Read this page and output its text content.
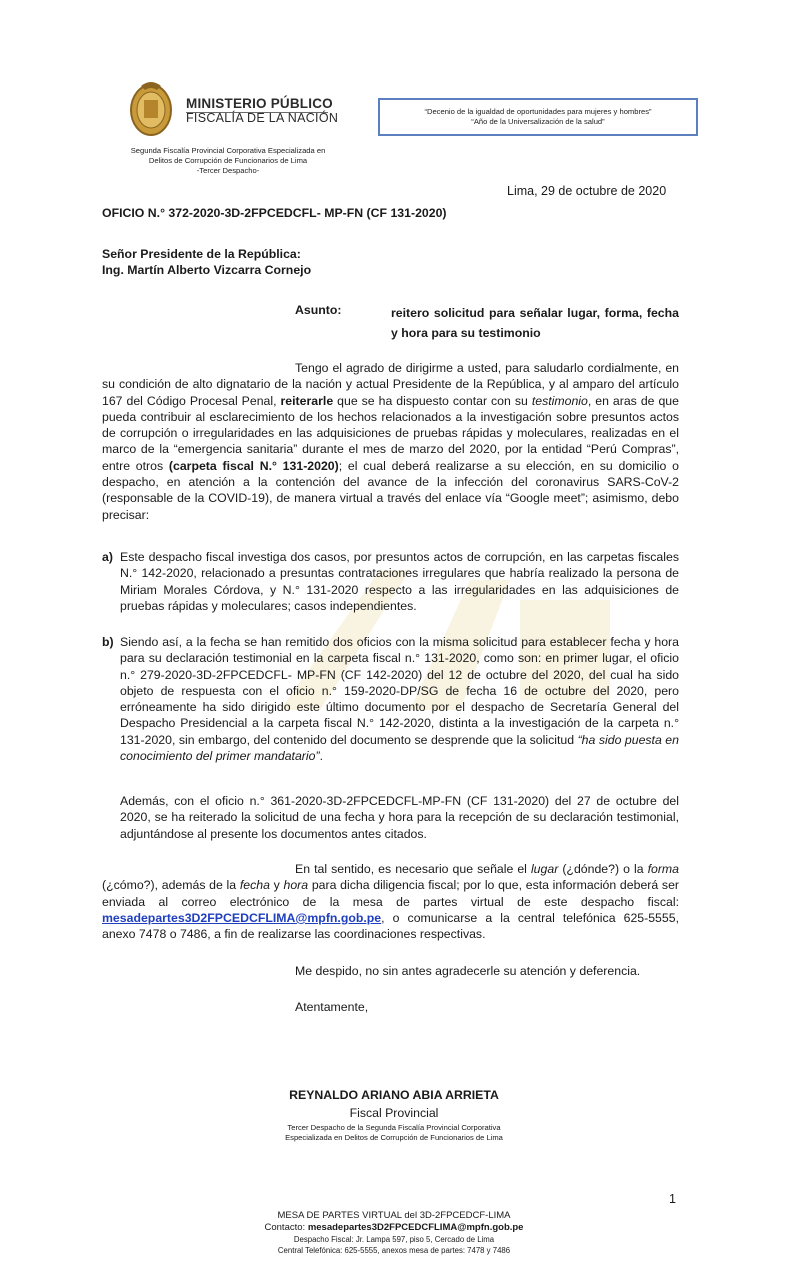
MINISTERIO PÚBLICO
FISCALÍA DE LA NACIÓN
Segunda Fiscalía Provincial Corporativa Especializada en
Delitos de Corrupción de Funcionarios de Lima
-Tercer Despacho-
“Decenio de la igualdad de oportunidades para mujeres y hombres”
“Año de la Universalización de la salud”
Lima, 29 de octubre de 2020
OFICIO N.° 372-2020-3D-2FPCEDCFL- MP-FN (CF 131-2020)
Señor Presidente de la República:
Ing. Martín Alberto Vizcarra Cornejo
Asunto:	reitero solicitud para señalar lugar, forma, fecha y hora para su testimonio
Tengo el agrado de dirigirme a usted, para saludarlo cordialmente, en su condición de alto dignatario de la nación y actual Presidente de la República, y al amparo del artículo 167 del Código Procesal Penal, reiterarle que se ha dispuesto contar con su testimonio, en aras de que pueda contribuir al esclarecimiento de los hechos relacionados a la investigación sobre presuntos actos de corrupción o irregularidades en las adquisiciones de pruebas rápidas y moleculares, realizadas en el marco de la “emergencia sanitaria” durante el mes de marzo del 2020, por la entidad “Perú Compras”, entre otros (carpeta fiscal N.° 131-2020); el cual deberá realizarse a su elección, en su domicilio o despacho, en atención a la contención del avance de la infección del coronavirus SARS-CoV-2 (responsable de la COVID-19), de manera virtual a través del enlace vía “Google meet”; asimismo, debo precisar:
a) Este despacho fiscal investiga dos casos, por presuntos actos de corrupción, en las carpetas fiscales N.° 142-2020, relacionado a presuntas contrataciones irregulares que habría realizado la persona de Miriam Morales Córdova, y N.° 131-2020 respecto a las irregularidades en las adquisiciones de pruebas rápidas y moleculares; casos independientes.
b) Siendo así, a la fecha se han remitido dos oficios con la misma solicitud para establecer fecha y hora para su declaración testimonial en la carpeta fiscal n.° 131-2020, como son: en primer lugar, el oficio n.° 279-2020-3D-2FPCEDCFL- MP-FN (CF 142-2020) del 12 de octubre del 2020, del cual ha sido objeto de respuesta con el oficio n.° 159-2020-DP/SG de fecha 16 de octubre del 2020, pero erróneamente ha sido dirigido este último documento por el despacho de Secretaría General del Despacho Presidencial a la carpeta fiscal N.° 142-2020, distinta a la investigación de la carpeta n.° 131-2020, sin embargo, del contenido del documento se desprende que la solicitud “ha sido puesta en conocimiento del primer mandatario”.
Además, con el oficio n.° 361-2020-3D-2FPCEDCFL-MP-FN (CF 131-2020) del 27 de octubre del 2020, se ha reiterado la solicitud de una fecha y hora para la recepción de su declaración testimonial, adjuntándose al presente los documentos antes citados.
En tal sentido, es necesario que señale el lugar (¿dónde?) o la forma (¿cómo?), además de la fecha y hora para dicha diligencia fiscal; por lo que, esta información deberá ser enviada al correo electrónico de la mesa de partes virtual de este despacho fiscal: mesadepartes3D2FPCEDCFLIMA@mpfn.gob.pe, o comunicarse a la central telefónica 625-5555, anexo 7478 o 7486, a fin de realizarse las coordinaciones respectivas.
Me despido, no sin antes agradecerle su atención y deferencia.
Atentamente,
REYNALDO ARIANO ABIA ARRIETA
Fiscal Provincial
Tercer Despacho de la Segunda Fiscalía Provincial Corporativa
Especializada en Delitos de Corrupción de Funcionarios de Lima
1
MESA DE PARTES VIRTUAL del 3D-2FPCEDCF-LIMA
Contacto: mesadepartes3D2FPCEDCFLIMA@mpfn.gob.pe
Despacho Fiscal: Jr. Lampa 597, piso 5, Cercado de Lima
Central Telefónica: 625-5555, anexos mesa de partes: 7478 y 7486
